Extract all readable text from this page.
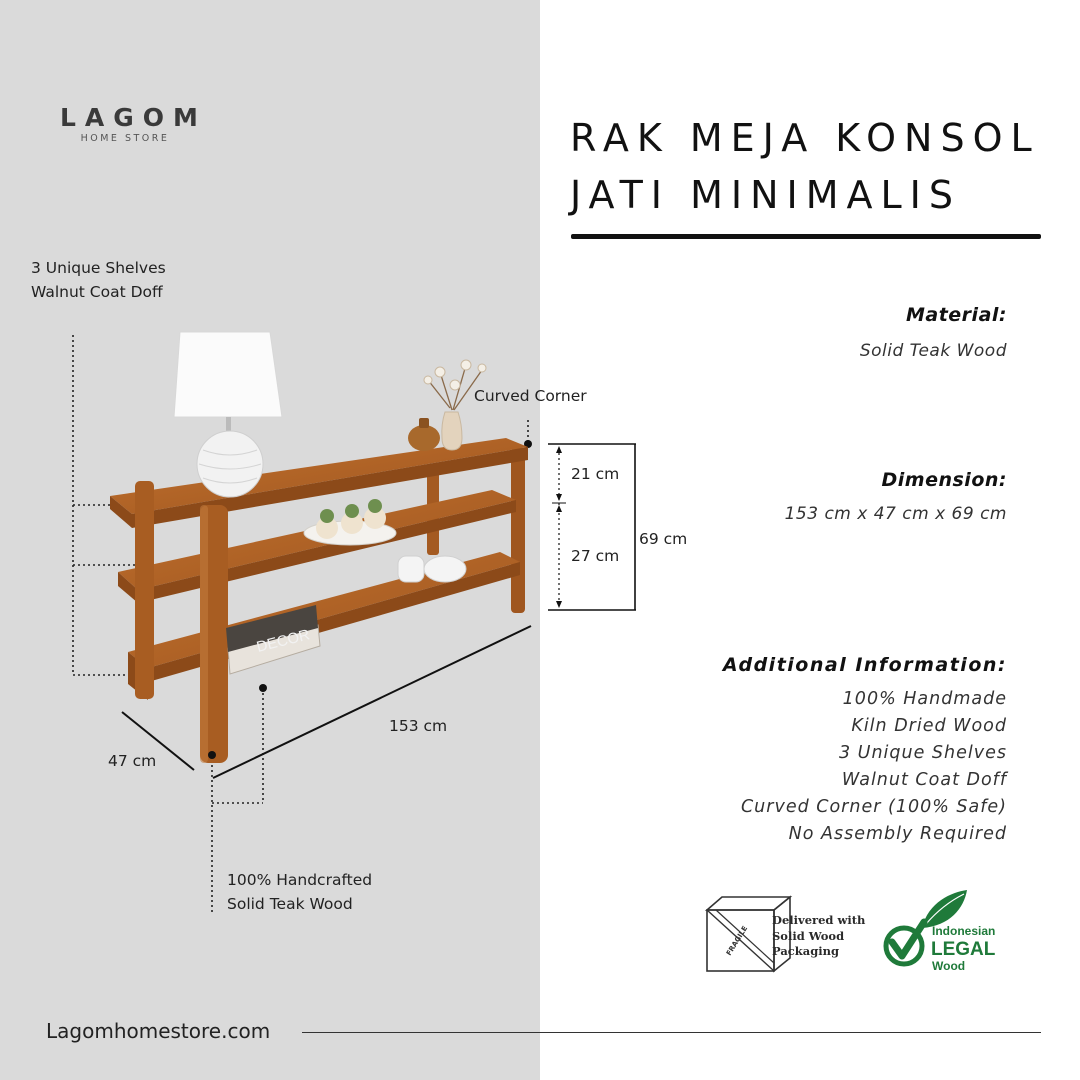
LAGOM
HOME STORE
3 Unique Shelves
Walnut Coat Doff
Curved Corner
100% Handcrafted
Solid Teak Wood
21 cm
27 cm
69 cm
153 cm
47 cm
DECOR
RAK MEJA KONSOL
JATI MINIMALIS
Material:
Solid Teak Wood
Dimension:
153 cm x 47 cm x 69 cm
Additional Information:
100% Handmade
Kiln Dried Wood
3 Unique Shelves
Walnut Coat Doff
Curved Corner (100% Safe)
No Assembly Required
FRAGILE
Delivered with
Solid Wood
Packaging
Indonesian
LEGAL
Wood
Lagomhomestore.com
